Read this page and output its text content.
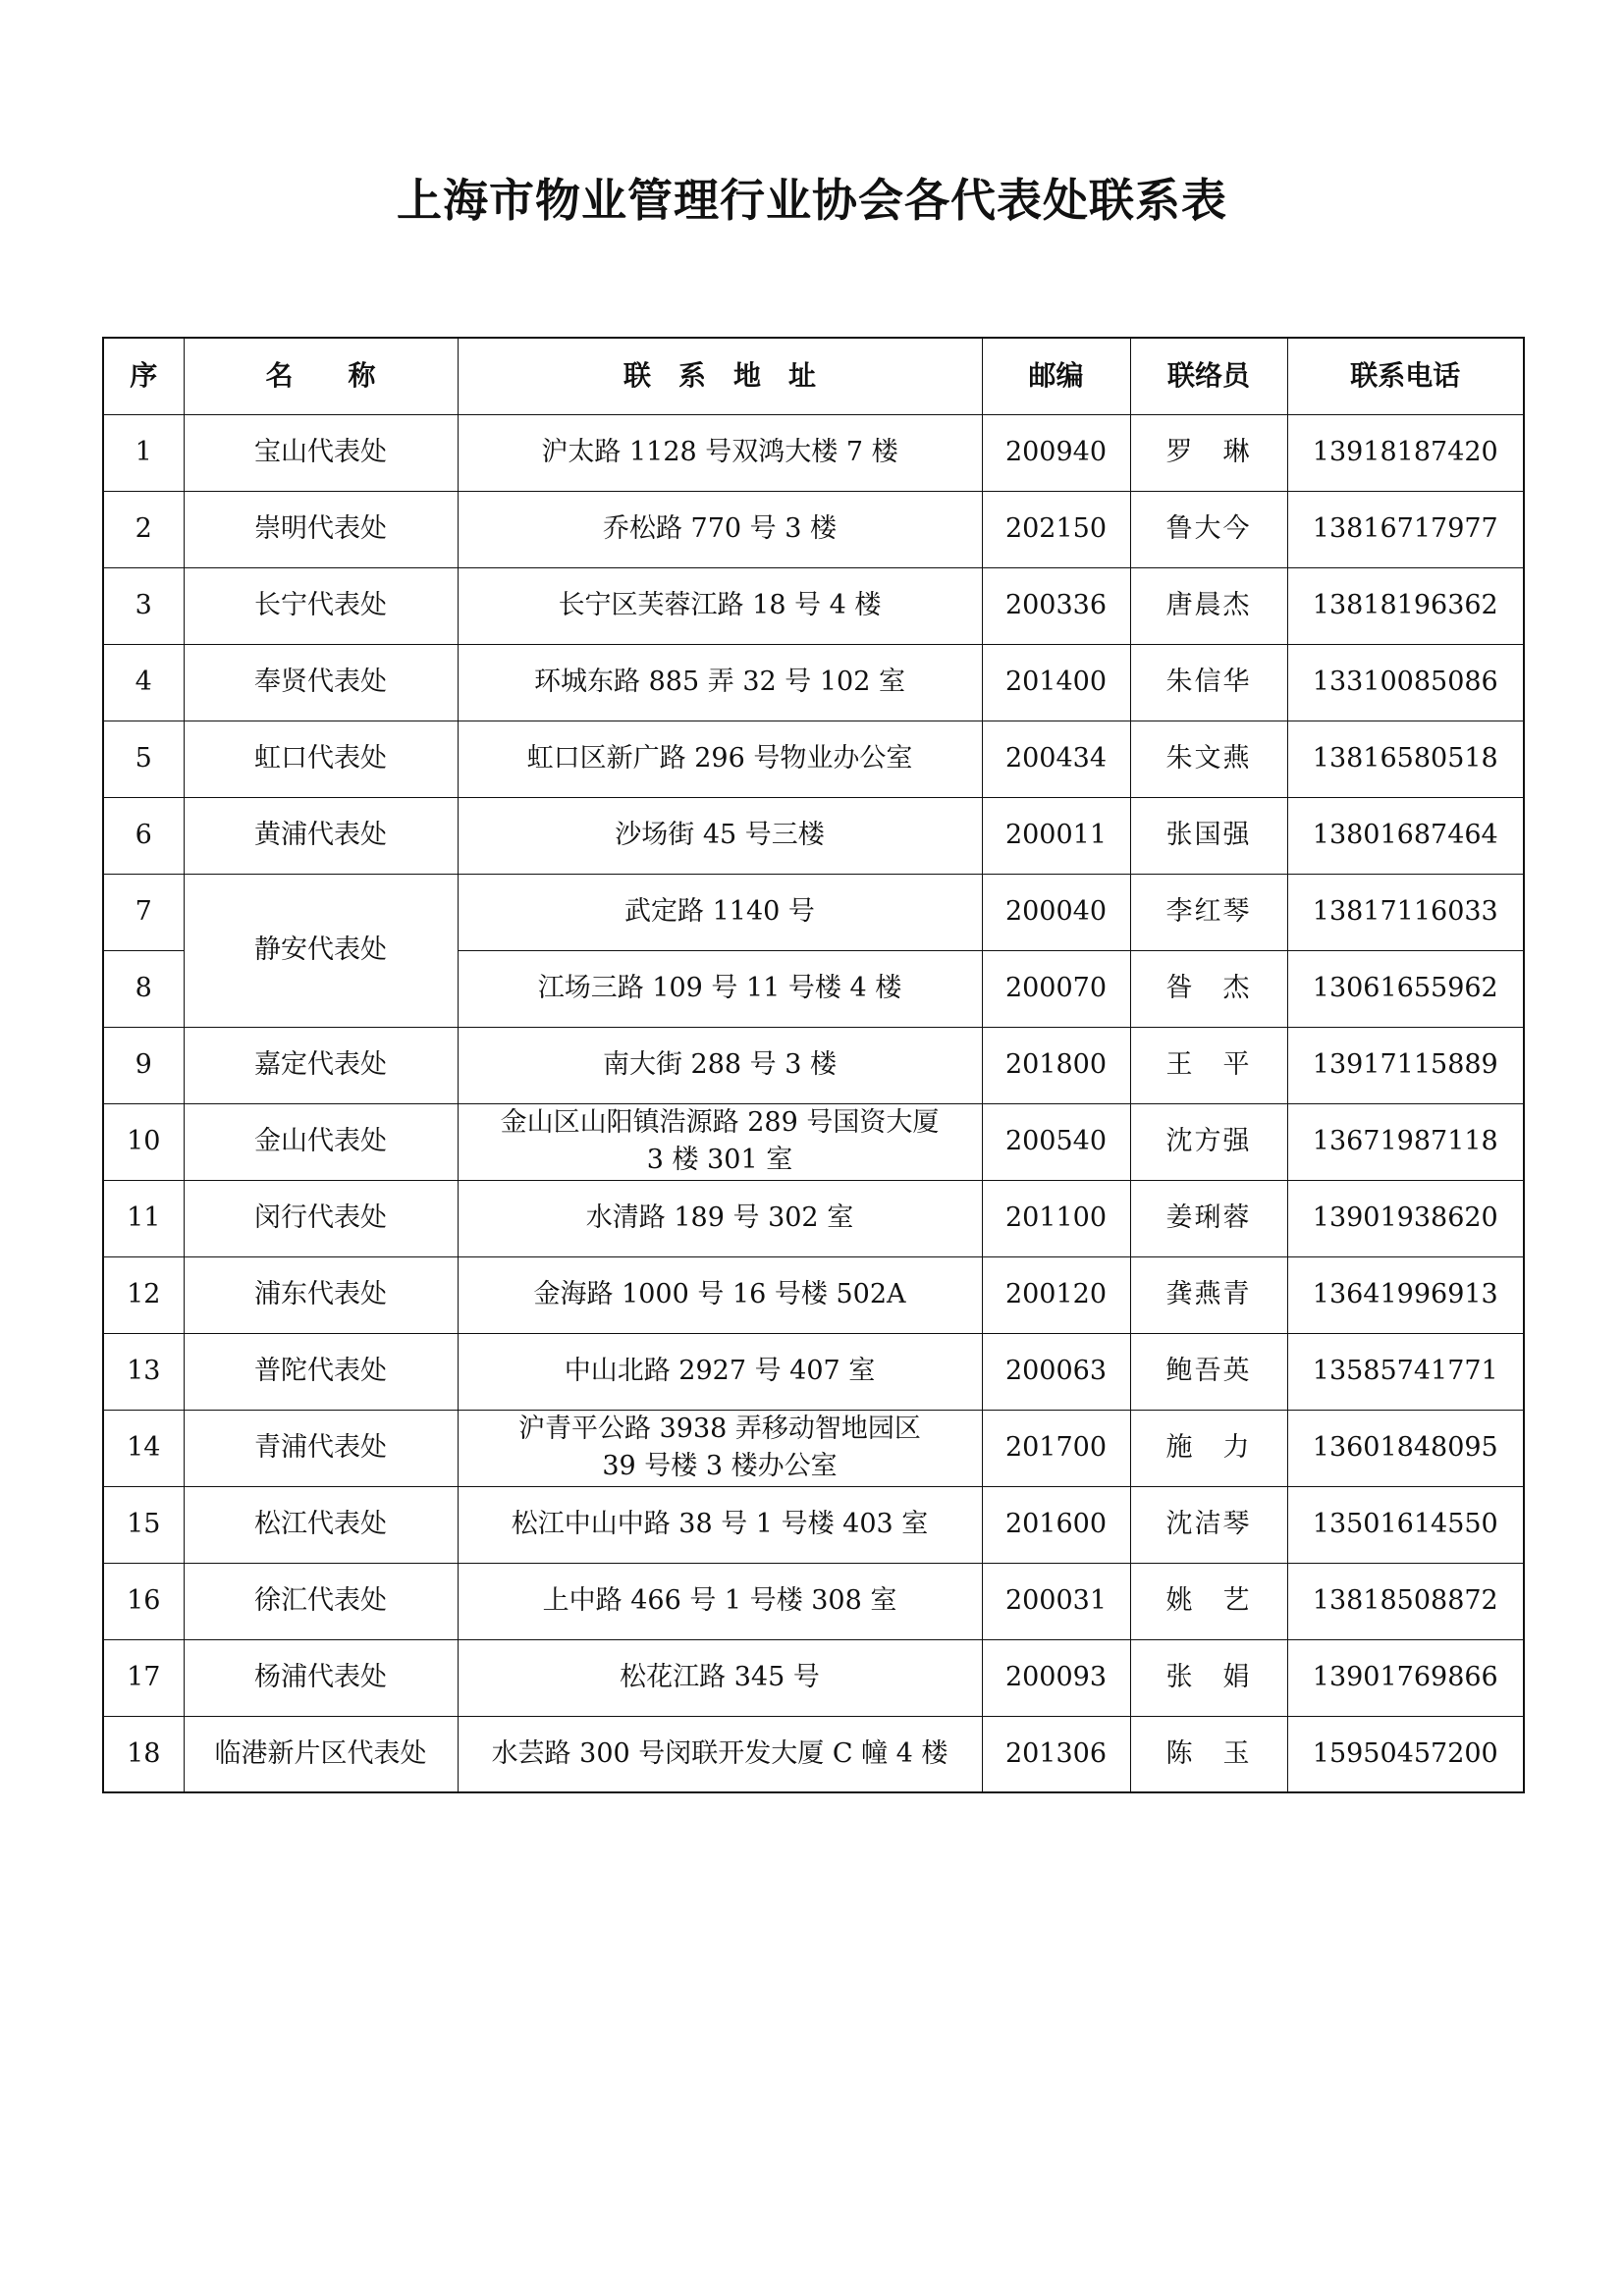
上海市物业管理行业协会各代表处联系表
序	名　　称	联　系　地　址	邮编	联络员	联系电话
1	宝山代表处	沪太路 1128 号双鸿大楼 7 楼	200940	罗　琳	13918187420
2	崇明代表处	乔松路 770 号 3 楼	202150	鲁大今	13816717977
3	长宁代表处	长宁区芙蓉江路 18 号 4 楼	200336	唐晨杰	13818196362
4	奉贤代表处	环城东路 885 弄 32 号 102 室	201400	朱信华	13310085086
5	虹口代表处	虹口区新广路 296 号物业办公室	200434	朱文燕	13816580518
6	黄浦代表处	沙场街 45 号三楼	200011	张国强	13801687464
7	静安代表处	武定路 1140 号	200040	李红琴	13817116033
8		江场三路 109 号 11 号楼 4 楼	200070	昝　杰	13061655962
9	嘉定代表处	南大街 288 号 3 楼	201800	王　平	13917115889
10	金山代表处	金山区山阳镇浩源路 289 号国资大厦
3 楼 301 室	200540	沈方强	13671987118
11	闵行代表处	水清路 189 号 302 室	201100	姜琍蓉	13901938620
12	浦东代表处	金海路 1000 号 16 号楼 502A	200120	龚燕青	13641996913
13	普陀代表处	中山北路 2927 号 407 室	200063	鲍吾英	13585741771
14	青浦代表处	沪青平公路 3938 弄移动智地园区
39 号楼 3 楼办公室	201700	施　力	13601848095
15	松江代表处	松江中山中路 38 号 1 号楼 403 室	201600	沈洁琴	13501614550
16	徐汇代表处	上中路 466 号 1 号楼 308 室	200031	姚　艺	13818508872
17	杨浦代表处	松花江路 345 号	200093	张　娟	13901769866
18	临港新片区代表处	水芸路 300 号闵联开发大厦 C 幢 4 楼	201306	陈　玉	15950457200
